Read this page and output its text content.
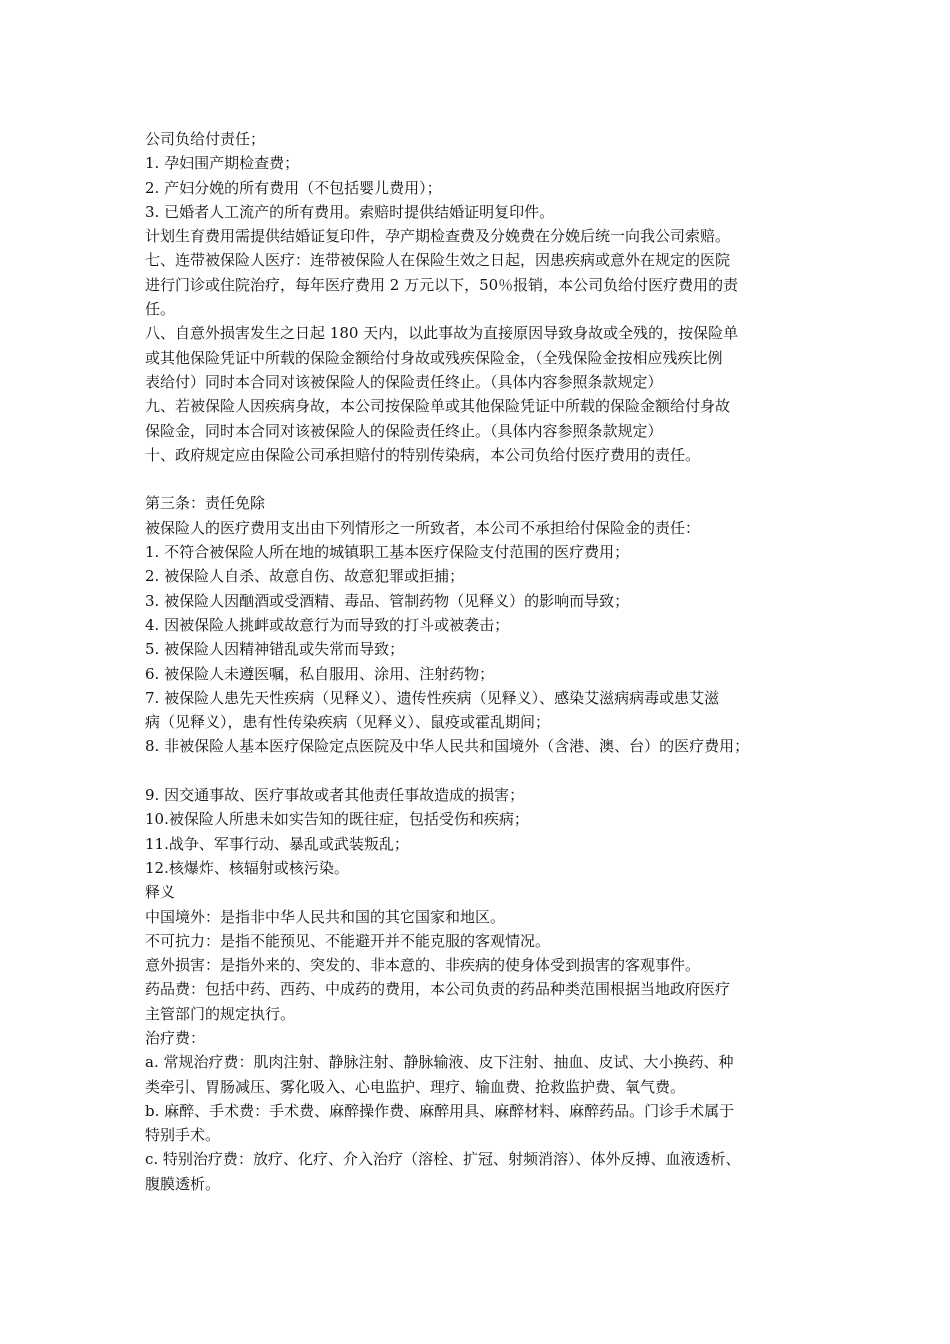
公司负给付责任；
1. 孕妇围产期检查费；
2. 产妇分娩的所有费用（不包括婴儿费用）；
3. 已婚者人工流产的所有费用。索赔时提供结婚证明复印件。
计划生育费用需提供结婚证复印件，孕产期检查费及分娩费在分娩后统一向我公司索赔。
七、连带被保险人医疗：连带被保险人在保险生效之日起，因患疾病或意外在规定的医院
进行门诊或住院治疗，每年医疗费用 2 万元以下，50％报销，本公司负给付医疗费用的责
任。
八、自意外损害发生之日起 180 天内，以此事故为直接原因导致身故或全残的，按保险单
或其他保险凭证中所载的保险金额给付身故或残疾保险金，（全残保险金按相应残疾比例
表给付）同时本合同对该被保险人的保险责任终止。（具体内容参照条款规定）
九、若被保险人因疾病身故，本公司按保险单或其他保险凭证中所载的保险金额给付身故
保险金，同时本合同对该被保险人的保险责任终止。（具体内容参照条款规定）
十、政府规定应由保险公司承担赔付的特别传染病，本公司负给付医疗费用的责任。
第三条：责任免除
被保险人的医疗费用支出由下列情形之一所致者，本公司不承担给付保险金的责任：
1. 不符合被保险人所在地的城镇职工基本医疗保险支付范围的医疗费用；
2. 被保险人自杀、故意自伤、故意犯罪或拒捕；
3. 被保险人因酗酒或受酒精、毒品、管制药物（见释义）的影响而导致；
4. 因被保险人挑衅或故意行为而导致的打斗或被袭击；
5. 被保险人因精神错乱或失常而导致；
6. 被保险人未遵医嘱，私自服用、涂用、注射药物；
7. 被保险人患先天性疾病（见释义）、遗传性疾病（见释义）、感染艾滋病病毒或患艾滋
病（见释义），患有性传染疾病（见释义）、鼠疫或霍乱期间；
8. 非被保险人基本医疗保险定点医院及中华人民共和国境外（含港、澳、台）的医疗费用；
9. 因交通事故、医疗事故或者其他责任事故造成的损害；
10.被保险人所患未如实告知的既往症，包括受伤和疾病；
11.战争、军事行动、暴乱或武装叛乱；
12.核爆炸、核辐射或核污染。
释义
中国境外：是指非中华人民共和国的其它国家和地区。
不可抗力：是指不能预见、不能避开并不能克服的客观情况。
意外损害：是指外来的、突发的、非本意的、非疾病的使身体受到损害的客观事件。
药品费：包括中药、西药、中成药的费用，本公司负责的药品种类范围根据当地政府医疗
主管部门的规定执行。
治疗费：
a. 常规治疗费：肌肉注射、静脉注射、静脉输液、皮下注射、抽血、皮试、大小换药、种
类牵引、胃肠减压、雾化吸入、心电监护、理疗、输血费、抢救监护费、氧气费。
b. 麻醉、手术费：手术费、麻醉操作费、麻醉用具、麻醉材料、麻醉药品。门诊手术属于
特别手术。
c. 特别治疗费：放疗、化疗、介入治疗（溶栓、扩冠、射频消溶）、体外反搏、血液透析、
腹膜透析。
